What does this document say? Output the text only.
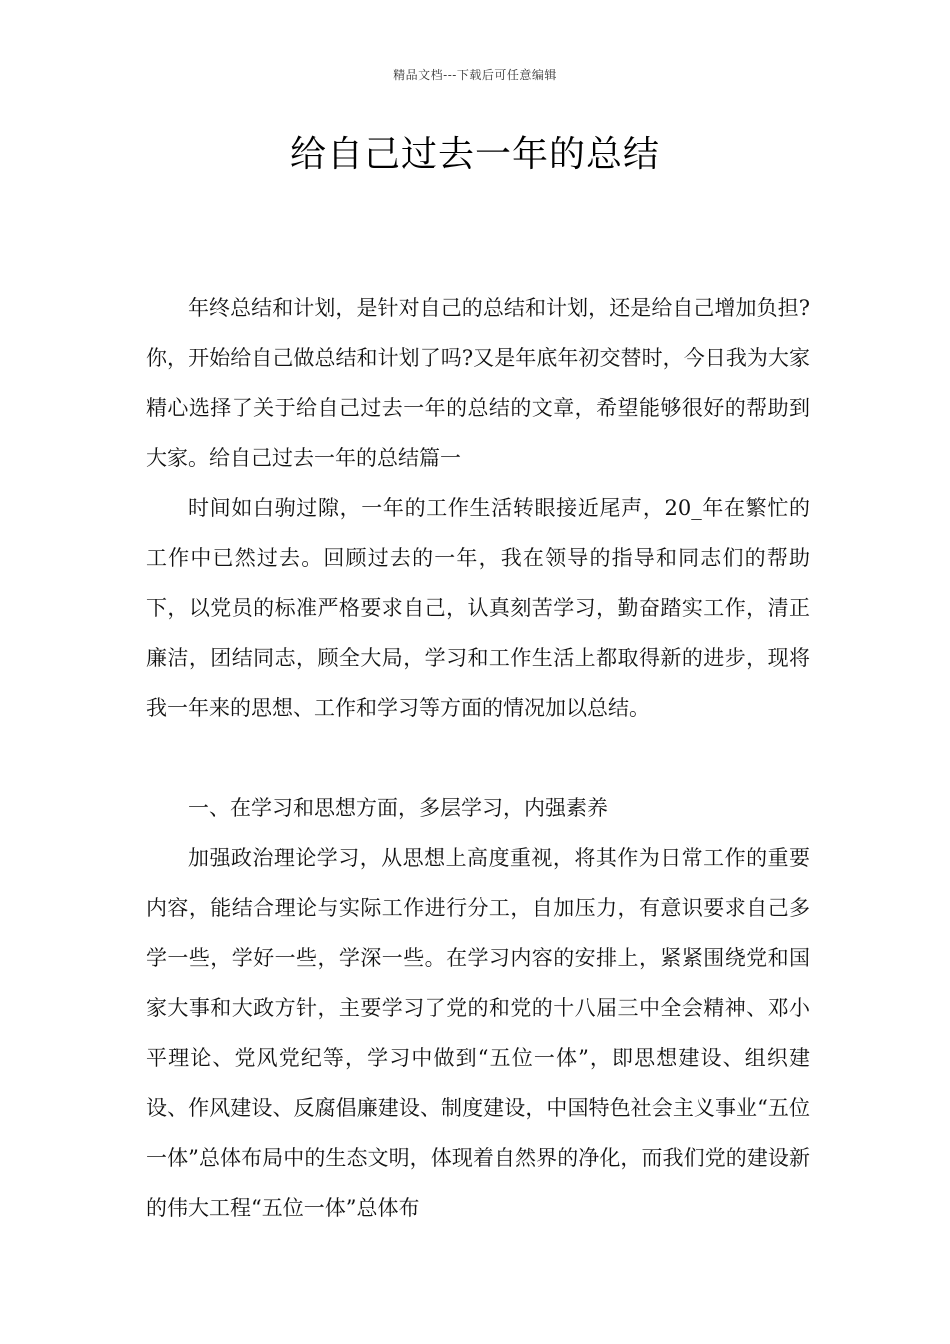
精品文档---下载后可任意编辑
给自己过去一年的总结

年终总结和计划，是针对自己的总结和计划，还是给自己增加负担?你，开始给自己做总结和计划了吗?又是年底年初交替时，今日我为大家精心选择了关于给自己过去一年的总结的文章，希望能够很好的帮助到大家。给自己过去一年的总结篇一

时间如白驹过隙，一年的工作生活转眼接近尾声，20_年在繁忙的工作中已然过去。回顾过去的一年，我在领导的指导和同志们的帮助下，以党员的标准严格要求自己，认真刻苦学习，勤奋踏实工作，清正廉洁，团结同志，顾全大局，学习和工作生活上都取得新的进步，现将我一年来的思想、工作和学习等方面的情况加以总结。

一、在学习和思想方面，多层学习，内强素养

加强政治理论学习，从思想上高度重视，将其作为日常工作的重要内容，能结合理论与实际工作进行分工，自加压力，有意识要求自己多学一些，学好一些，学深一些。在学习内容的安排上，紧紧围绕党和国家大事和大政方针，主要学习了党的和党的十八届三中全会精神、邓小平理论、党风党纪等，学习中做到“五位一体”，即思想建设、组织建设、作风建设、反腐倡廉建设、制度建设，中国特色社会主义事业“五位一体”总体布局中的生态文明，体现着自然界的净化，而我们党的建设新的伟大工程“五位一体”总体布
